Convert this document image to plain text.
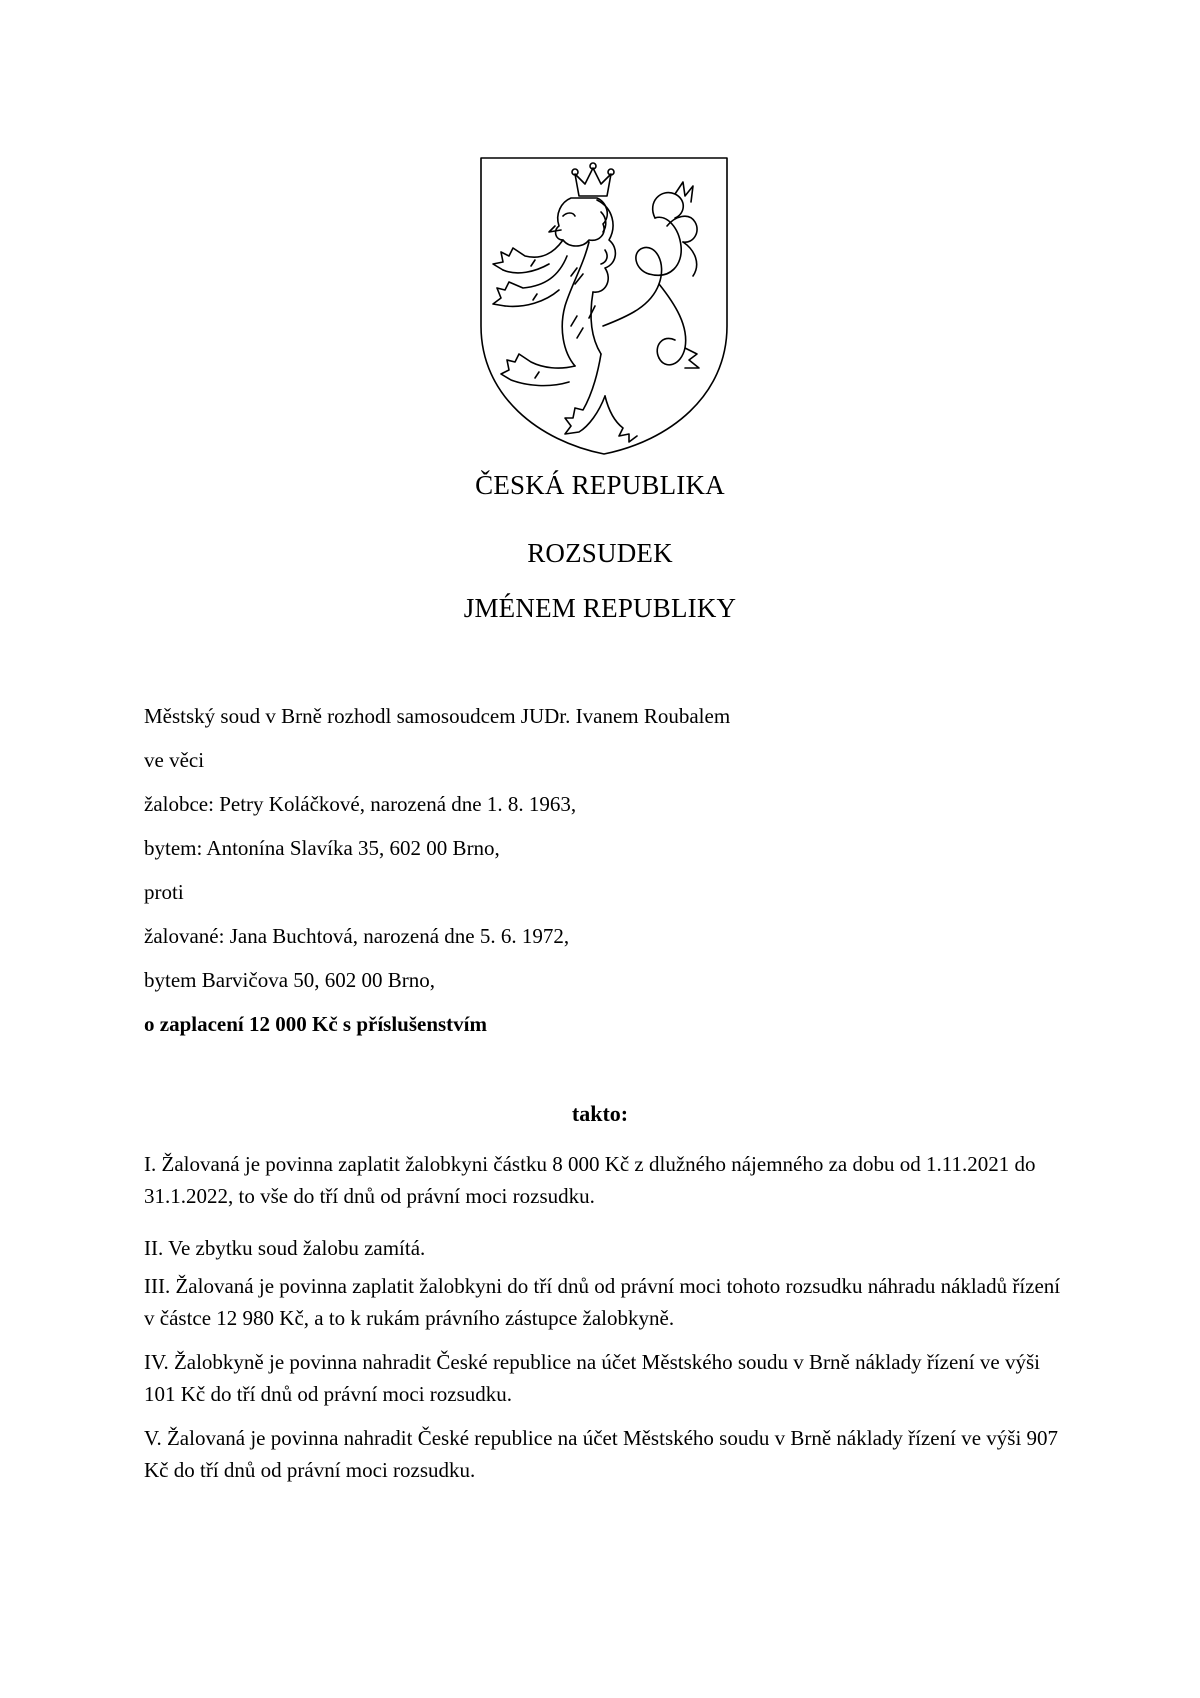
ČESKÁ REPUBLIKA
ROZSUDEK
JMÉNEM REPUBLIKY
Městský soud v Brně rozhodl samosoudcem JUDr. Ivanem Roubalem
ve věci
žalobce: Petry Koláčkové, narozená dne 1. 8. 1963,
bytem: Antonína Slavíka 35, 602 00 Brno,
proti
žalované: Jana Buchtová, narozená dne 5. 6. 1972,
bytem Barvičova 50, 602 00 Brno,
o zaplacení 12 000 Kč s příslušenstvím
takto:
I. Žalovaná je povinna zaplatit žalobkyni částku 8 000 Kč z dlužného nájemného za dobu od 1.11.2021 do 31.1.2022, to vše do tří dnů od právní moci rozsudku.
II. Ve zbytku soud žalobu zamítá.
III. Žalovaná je povinna zaplatit žalobkyni do tří dnů od právní moci tohoto rozsudku náhradu nákladů řízení v částce 12 980 Kč, a to k rukám právního zástupce žalobkyně.
IV. Žalobkyně je povinna nahradit České republice na účet Městského soudu v Brně náklady řízení ve výši 101 Kč do tří dnů od právní moci rozsudku.
V. Žalovaná je povinna nahradit České republice na účet Městského soudu v Brně náklady řízení ve výši 907 Kč do tří dnů od právní moci rozsudku.
